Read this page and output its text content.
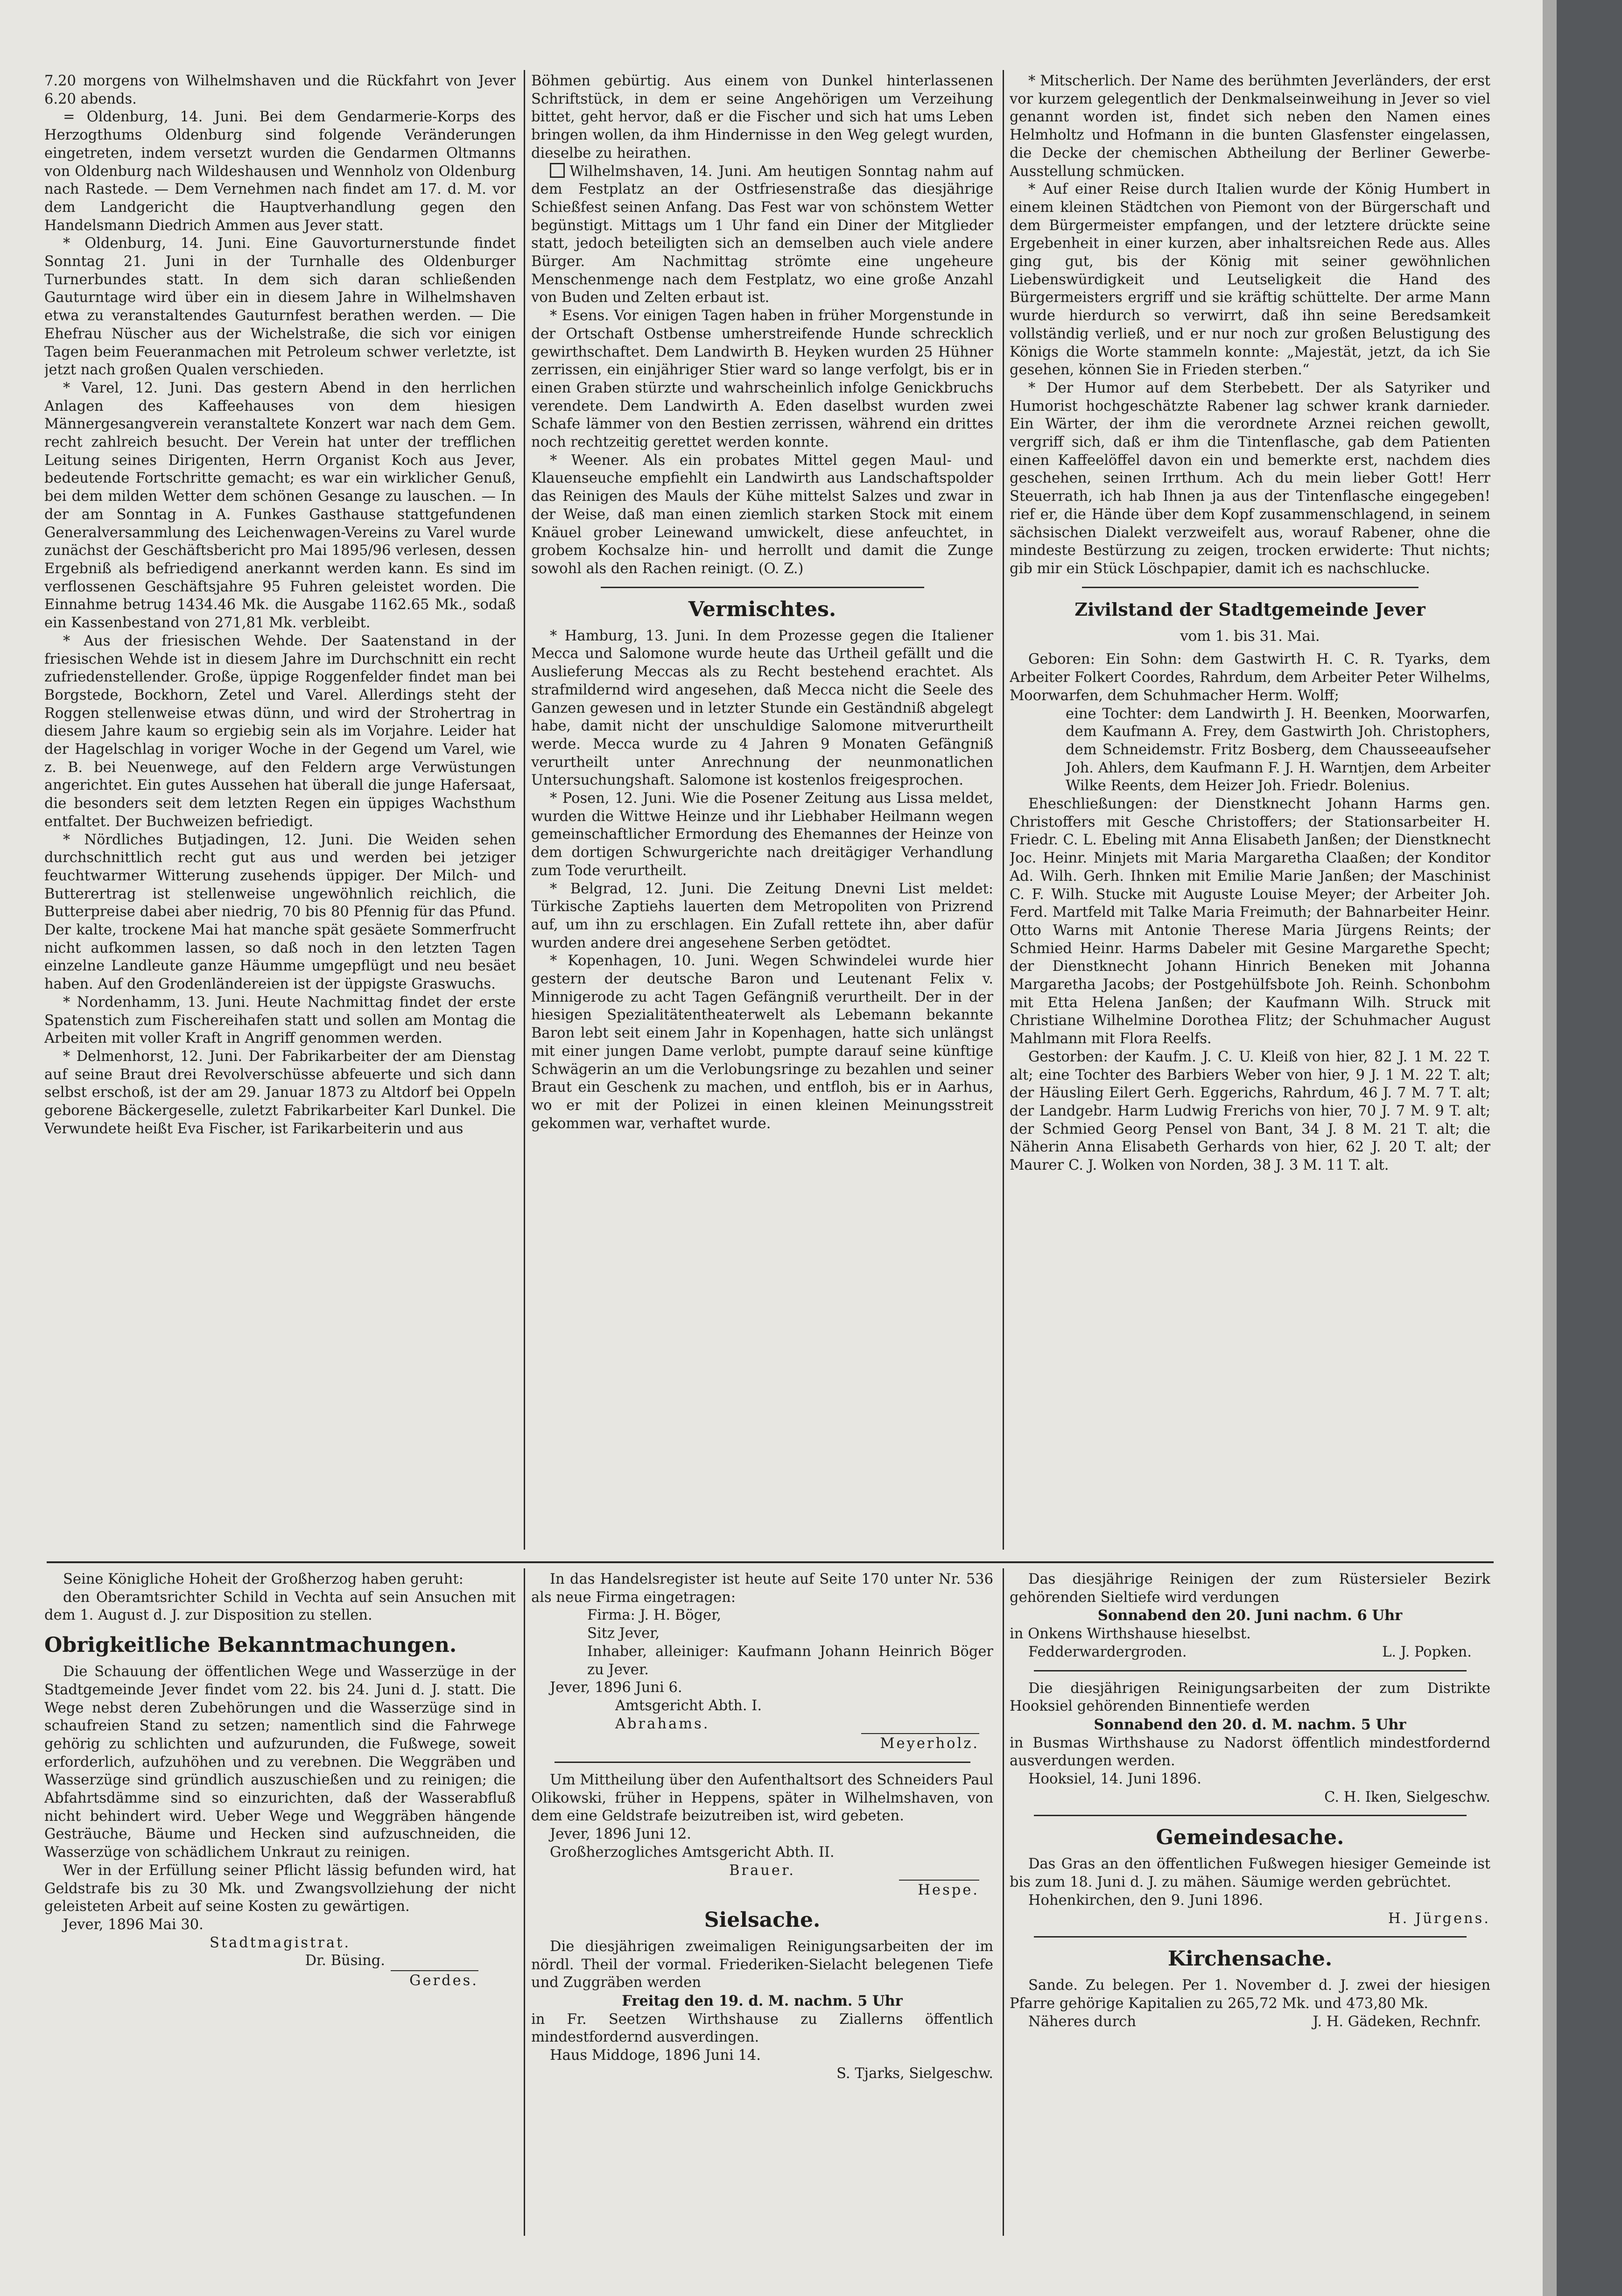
7.20 morgens von Wilhelmshaven und die Rückfahrt von Jever 6.20 abends.

= Oldenburg, 14. Juni. Bei dem Gendarmerie-Korps des Herzogthums Oldenburg sind folgende Veränderungen eingetreten, indem versetzt wurden die Gendarmen Oltmanns von Oldenburg nach Wildeshausen und Wennholz von Oldenburg nach Rastede. — Dem Vernehmen nach findet am 17. d. M. vor dem Landgericht die Hauptverhandlung gegen den Handelsmann Diedrich Ammen aus Jever statt.

* Oldenburg, 14. Juni. Eine Gauvorturnerstunde findet Sonntag 21. Juni in der Turnhalle des Oldenburger Turnerbundes statt. In dem sich daran schließenden Gauturntage wird über ein in diesem Jahre in Wilhelmshaven etwa zu veranstaltendes Gauturnfest berathen werden. — Die Ehefrau Nüscher aus der Wichelstraße, die sich vor einigen Tagen beim Feueranmachen mit Petroleum schwer verletzte, ist jetzt nach großen Qualen verschieden.

* Varel, 12. Juni. Das gestern Abend in den herrlichen Anlagen des Kaffeehauses von dem hiesigen Männergesangverein veranstaltete Konzert war nach dem Gem. recht zahlreich besucht. Der Verein hat unter der trefflichen Leitung seines Dirigenten, Herrn Organist Koch aus Jever, bedeutende Fortschritte gemacht; es war ein wirklicher Genuß, bei dem milden Wetter dem schönen Gesange zu lauschen. — In der am Sonntag in A. Funkes Gasthause stattgefundenen Generalversammlung des Leichenwagen-Vereins zu Varel wurde zunächst der Geschäftsbericht pro Mai 1895/96 verlesen, dessen Ergebniß als befriedigend anerkannt werden kann. Es sind im verflossenen Geschäftsjahre 95 Fuhren geleistet worden. Die Einnahme betrug 1434.46 Mk. die Ausgabe 1162.65 Mk., sodaß ein Kassenbestand von 271,81 Mk. verbleibt.

* Aus der friesischen Wehde. Der Saatenstand in der friesischen Wehde ist in diesem Jahre im Durchschnitt ein recht zufriedenstellender. Große, üppige Roggenfelder findet man bei Borgstede, Bockhorn, Zetel und Varel. Allerdings steht der Roggen stellenweise etwas dünn, und wird der Strohertrag in diesem Jahre kaum so ergiebig sein als im Vorjahre. Leider hat der Hagelschlag in voriger Woche in der Gegend um Varel, wie z. B. bei Neuenwege, auf den Feldern arge Verwüstungen angerichtet. Ein gutes Aussehen hat überall die junge Hafersaat, die besonders seit dem letzten Regen ein üppiges Wachsthum entfaltet. Der Buchweizen befriedigt.

* Nördliches Butjadingen, 12. Juni. Die Weiden sehen durchschnittlich recht gut aus und werden bei jetziger feuchtwarmer Witterung zusehends üppiger. Der Milch- und Butterertrag ist stellenweise ungewöhnlich reichlich, die Butterpreise dabei aber niedrig, 70 bis 80 Pfennig für das Pfund. Der kalte, trockene Mai hat manche spät gesäete Sommerfrucht nicht aufkommen lassen, so daß noch in den letzten Tagen einzelne Landleute ganze Häumme umgepflügt und neu besäet haben. Auf den Grodenländereien ist der üppigste Graswuchs.

* Nordenhamm, 13. Juni. Heute Nachmittag findet der erste Spatenstich zum Fischereihafen statt und sollen am Montag die Arbeiten mit voller Kraft in Angriff genommen werden.

* Delmenhorst, 12. Juni. Der Fabrikarbeiter der am Dienstag auf seine Braut drei Revolverschüsse abfeuerte und sich dann selbst erschoß, ist der am 29. Januar 1873 zu Altdorf bei Oppeln geborene Bäckergeselle, zuletzt Fabrikarbeiter Karl Dunkel. Die Verwundete heißt Eva Fischer, ist Farikarbeiterin und aus

Böhmen gebürtig. Aus einem von Dunkel hinterlassenen Schriftstück, in dem er seine Angehörigen um Verzeihung bittet, geht hervor, daß er die Fischer und sich hat ums Leben bringen wollen, da ihm Hindernisse in den Weg gelegt wurden, dieselbe zu heirathen.

Wilhelmshaven, 14. Juni. Am heutigen Sonntag nahm auf dem Festplatz an der Ostfriesenstraße das diesjährige Schießfest seinen Anfang. Das Fest war von schönstem Wetter begünstigt. Mittags um 1 Uhr fand ein Diner der Mitglieder statt, jedoch beteiligten sich an demselben auch viele andere Bürger. Am Nachmittag strömte eine ungeheure Menschenmenge nach dem Festplatz, wo eine große Anzahl von Buden und Zelten erbaut ist.

* Esens. Vor einigen Tagen haben in früher Morgenstunde in der Ortschaft Ostbense umherstreifende Hunde schrecklich gewirthschaftet. Dem Landwirth B. Heyken wurden 25 Hühner zerrissen, ein einjähriger Stier ward so lange verfolgt, bis er in einen Graben stürzte und wahrscheinlich infolge Genickbruchs verendete. Dem Landwirth A. Eden daselbst wurden zwei Schafe lämmer von den Bestien zerrissen, während ein drittes noch rechtzeitig gerettet werden konnte.

* Weener. Als ein probates Mittel gegen Maul- und Klauenseuche empfiehlt ein Landwirth aus Landschaftspolder das Reinigen des Mauls der Kühe mittelst Salzes und zwar in der Weise, daß man einen ziemlich starken Stock mit einem Knäuel grober Leinewand umwickelt, diese anfeuchtet, in grobem Kochsalze hin- und herrollt und damit die Zunge sowohl als den Rachen reinigt. (O. Z.)

Vermischtes.

* Hamburg, 13. Juni. In dem Prozesse gegen die Italiener Mecca und Salomone wurde heute das Urtheil gefällt und die Auslieferung Meccas als zu Recht bestehend erachtet. Als strafmildernd wird angesehen, daß Mecca nicht die Seele des Ganzen gewesen und in letzter Stunde ein Geständniß abgelegt habe, damit nicht der unschuldige Salomone mitverurtheilt werde. Mecca wurde zu 4 Jahren 9 Monaten Gefängniß verurtheilt unter Anrechnung der neunmonatlichen Untersuchungshaft. Salomone ist kostenlos freigesprochen.

* Posen, 12. Juni. Wie die Posener Zeitung aus Lissa meldet, wurden die Wittwe Heinze und ihr Liebhaber Heilmann wegen gemeinschaftlicher Ermordung des Ehemannes der Heinze von dem dortigen Schwurgerichte nach dreitägiger Verhandlung zum Tode verurtheilt.

* Belgrad, 12. Juni. Die Zeitung Dnevni List meldet: Türkische Zaptiehs lauerten dem Metropoliten von Prizrend auf, um ihn zu erschlagen. Ein Zufall rettete ihn, aber dafür wurden andere drei angesehene Serben getödtet.

* Kopenhagen, 10. Juni. Wegen Schwindelei wurde hier gestern der deutsche Baron und Leutenant Felix v. Minnigerode zu acht Tagen Gefängniß verurtheilt. Der in der hiesigen Spezialitätentheaterwelt als Lebemann bekannte Baron lebt seit einem Jahr in Kopenhagen, hatte sich unlängst mit einer jungen Dame verlobt, pumpte darauf seine künftige Schwägerin an um die Verlobungsringe zu bezahlen und seiner Braut ein Geschenk zu machen, und entfloh, bis er in Aarhus, wo er mit der Polizei in einen kleinen Meinungsstreit gekommen war, verhaftet wurde.

* Mitscherlich. Der Name des berühmten Jeverländers, der erst vor kurzem gelegentlich der Denkmalseinweihung in Jever so viel genannt worden ist, findet sich neben den Namen eines Helmholtz und Hofmann in die bunten Glasfenster eingelassen, die Decke der chemischen Abtheilung der Berliner Gewerbe-Ausstellung schmücken.

* Auf einer Reise durch Italien wurde der König Humbert in einem kleinen Städtchen von Piemont von der Bürgerschaft und dem Bürgermeister empfangen, und der letztere drückte seine Ergebenheit in einer kurzen, aber inhaltsreichen Rede aus. Alles ging gut, bis der König mit seiner gewöhnlichen Liebenswürdigkeit und Leutseligkeit die Hand des Bürgermeisters ergriff und sie kräftig schüttelte. Der arme Mann wurde hierdurch so verwirrt, daß ihn seine Beredsamkeit vollständig verließ, und er nur noch zur großen Belustigung des Königs die Worte stammeln konnte: „Majestät, jetzt, da ich Sie gesehen, können Sie in Frieden sterben.“

* Der Humor auf dem Sterbebett. Der als Satyriker und Humorist hochgeschätzte Rabener lag schwer krank darnieder. Ein Wärter, der ihm die verordnete Arznei reichen gewollt, vergriff sich, daß er ihm die Tintenflasche, gab dem Patienten einen Kaffeelöffel davon ein und bemerkte erst, nachdem dies geschehen, seinen Irrthum. Ach du mein lieber Gott! Herr Steuerrath, ich hab Ihnen ja aus der Tintenflasche eingegeben! rief er, die Hände über dem Kopf zusammenschlagend, in seinem sächsischen Dialekt verzweifelt aus, worauf Rabener, ohne die mindeste Bestürzung zu zeigen, trocken erwiderte: Thut nichts; gib mir ein Stück Löschpapier, damit ich es nachschlucke.

Zivilstand der Stadtgemeinde Jever
vom 1. bis 31. Mai.

Geboren: Ein Sohn: dem Gastwirth H. C. R. Tyarks, dem Arbeiter Folkert Coordes, Rahrdum, dem Arbeiter Peter Wilhelms, Moorwarfen, dem Schuhmacher Herm. Wolff;

eine Tochter: dem Landwirth J. H. Beenken, Moorwarfen, dem Kaufmann A. Frey, dem Gastwirth Joh. Christophers, dem Schneidemstr. Fritz Bosberg, dem Chausseeaufseher Joh. Ahlers, dem Kaufmann F. J. H. Warntjen, dem Arbeiter Wilke Reents, dem Heizer Joh. Friedr. Bolenius.

Eheschließungen: der Dienstknecht Johann Harms gen. Christoffers mit Gesche Christoffers; der Stationsarbeiter H. Friedr. C. L. Ebeling mit Anna Elisabeth Janßen; der Dienstknecht Joc. Heinr. Minjets mit Maria Margaretha Claaßen; der Konditor Ad. Wilh. Gerh. Ihnken mit Emilie Marie Janßen; der Maschinist C. F. Wilh. Stucke mit Auguste Louise Meyer; der Arbeiter Joh. Ferd. Martfeld mit Talke Maria Freimuth; der Bahnarbeiter Heinr. Otto Warns mit Antonie Therese Maria Jürgens Reints; der Schmied Heinr. Harms Dabeler mit Gesine Margarethe Specht; der Dienstknecht Johann Hinrich Beneken mit Johanna Margaretha Jacobs; der Postgehülfsbote Joh. Reinh. Schonbohm mit Etta Helena Janßen; der Kaufmann Wilh. Struck mit Christiane Wilhelmine Dorothea Flitz; der Schuhmacher August Mahlmann mit Flora Reelfs.

Gestorben: der Kaufm. J. C. U. Kleiß von hier, 82 J. 1 M. 22 T. alt; eine Tochter des Barbiers Weber von hier, 9 J. 1 M. 22 T. alt; der Häusling Eilert Gerh. Eggerichs, Rahrdum, 46 J. 7 M. 7 T. alt; der Landgebr. Harm Ludwig Frerichs von hier, 70 J. 7 M. 9 T. alt; der Schmied Georg Pensel von Bant, 34 J. 8 M. 21 T. alt; die Näherin Anna Elisabeth Gerhards von hier, 62 J. 20 T. alt; der Maurer C. J. Wolken von Norden, 38 J. 3 M. 11 T. alt.

Seine Königliche Hoheit der Großherzog haben geruht:

den Oberamtsrichter Schild in Vechta auf sein Ansuchen mit dem 1. August d. J. zur Disposition zu stellen.

Obrigkeitliche Bekanntmachungen.

Die Schauung der öffentlichen Wege und Wasserzüge in der Stadtgemeinde Jever findet vom 22. bis 24. Juni d. J. statt. Die Wege nebst deren Zubehörungen und die Wasserzüge sind in schaufreien Stand zu setzen; namentlich sind die Fahrwege gehörig zu schlichten und aufzurunden, die Fußwege, soweit erforderlich, aufzuhöhen und zu verebnen. Die Weggräben und Wasserzüge sind gründlich auszuschießen und zu reinigen; die Abfahrtsdämme sind so einzurichten, daß der Wasserabfluß nicht behindert wird. Ueber Wege und Weggräben hängende Gesträuche, Bäume und Hecken sind aufzuschneiden, die Wasserzüge von schädlichem Unkraut zu reinigen.

Wer in der Erfüllung seiner Pflicht lässig befunden wird, hat Geldstrafe bis zu 30 Mk. und Zwangsvollziehung der nicht geleisteten Arbeit auf seine Kosten zu gewärtigen.

Jever, 1896 Mai 30.

Stadtmagistrat.

Dr. Büsing.

Gerdes.

In das Handelsregister ist heute auf Seite 170 unter Nr. 536 als neue Firma eingetragen:

Firma: J. H. Böger,

Sitz Jever,

Inhaber, alleiniger: Kaufmann Johann Heinrich Böger zu Jever.

Jever, 1896 Juni 6.

Amtsgericht Abth. I.

Abrahams.

Meyerholz.

Um Mittheilung über den Aufenthaltsort des Schneiders Paul Olikowski, früher in Heppens, später in Wilhelmshaven, von dem eine Geldstrafe beizutreiben ist, wird gebeten.

Jever, 1896 Juni 12.

Großherzogliches Amtsgericht Abth. II.

Brauer.

Hespe.

Sielsache.

Die diesjährigen zweimaligen Reinigungsarbeiten der im nördl. Theil der vormal. Friederiken-Sielacht belegenen Tiefe und Zuggräben werden

Freitag den 19. d. M. nachm. 5 Uhr

in Fr. Seetzen Wirthshause zu Ziallerns öffentlich mindestfordernd ausverdingen.

Haus Middoge, 1896 Juni 14.

S. Tjarks, Sielgeschw.

Das diesjährige Reinigen der zum Rüstersieler Bezirk gehörenden Sieltiefe wird verdungen

Sonnabend den 20. Juni nachm. 6 Uhr

in Onkens Wirthshause hieselbst.

Fedderwardergroden.	L. J. Popken.

Die diesjährigen Reinigungsarbeiten der zum Distrikte Hooksiel gehörenden Binnentiefe werden

Sonnabend den 20. d. M. nachm. 5 Uhr

in Busmas Wirthshause zu Nadorst öffentlich mindestfordernd ausverdungen werden.

Hooksiel, 14. Juni 1896.

C. H. Iken, Sielgeschw.

Gemeindesache.

Das Gras an den öffentlichen Fußwegen hiesiger Gemeinde ist bis zum 18. Juni d. J. zu mähen. Säumige werden gebrüchtet.

Hohenkirchen, den 9. Juni 1896.

H. Jürgens.

Kirchensache.

Sande. Zu belegen. Per 1. November d. J. zwei der hiesigen Pfarre gehörige Kapitalien zu 265,72 Mk. und 473,80 Mk.

Näheres durch	J. H. Gädeken, Rechnfr.
